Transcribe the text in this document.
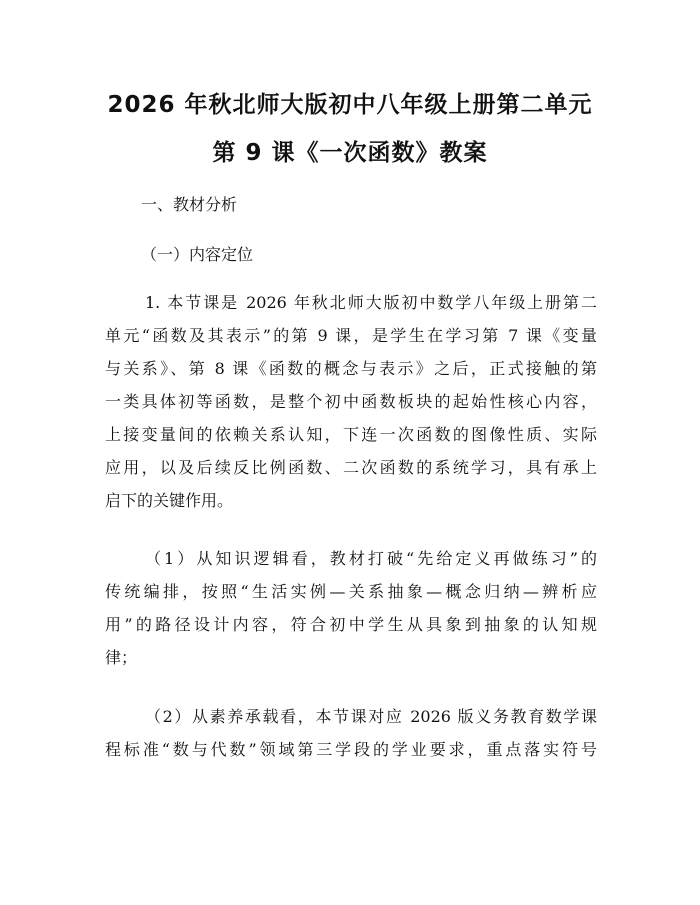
2026 年秋北师大版初中八年级上册第二单元
第 9 课《一次函数》教案
一、教材分析
（一）内容定位
1. 本节课是 2026 年秋北师大版初中数学八年级上册第二
单元“函数及其表示”的第 9 课，是学生在学习第 7 课《变量
与关系》、第 8 课《函数的概念与表示》之后，正式接触的第
一类具体初等函数，是整个初中函数板块的起始性核心内容，
上接变量间的依赖关系认知，下连一次函数的图像性质、实际
应用，以及后续反比例函数、二次函数的系统学习，具有承上
启下的关键作用。
（1）从知识逻辑看，教材打破“先给定义再做练习”的
传统编排，按照“生活实例—关系抽象—概念归纳—辨析应
用”的路径设计内容，符合初中学生从具象到抽象的认知规
律；
（2）从素养承载看，本节课对应 2026 版义务教育数学课
程标准“数与代数”领域第三学段的学业要求，重点落实符号
